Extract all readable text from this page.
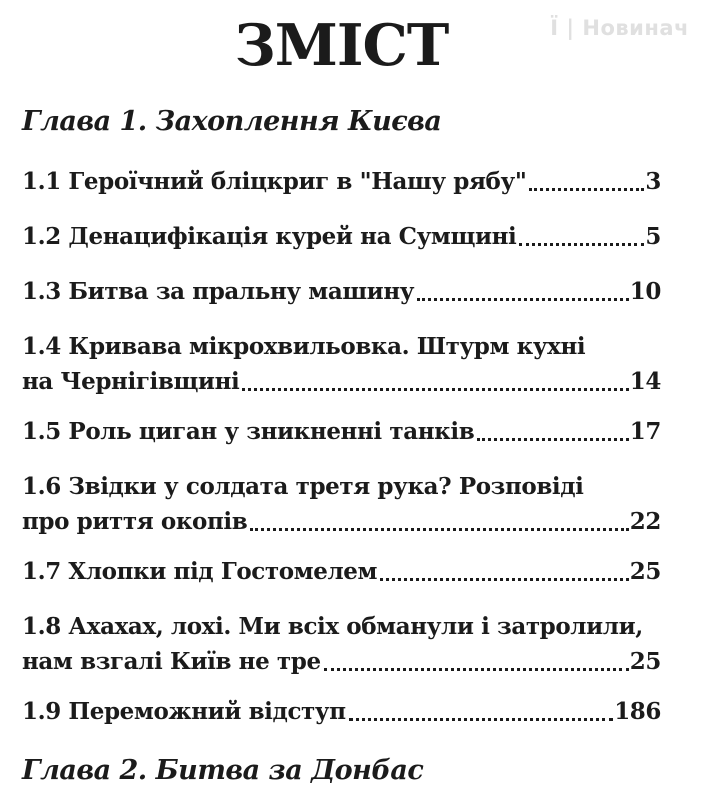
Ї | Новинач
ЗМІСТ
Глава 1. Захоплення Києва
1.1 Героїчний бліцкриг в "Нашу рябу"	3
1.2 Денацифікація курей на Сумщині	5
1.3 Битва за пральну машину	10
1.4 Кривава мікрохвильовка. Штурм кухні
на Чернігівщині	14
1.5 Роль циган у зникненні танків	17
1.6 Звідки у солдата третя рука? Розповіді
про риття окопів	22
1.7 Хлопки під Гостомелем	25
1.8 Ахахах, лохі. Ми всіх обманули і затролили,
нам взгалі Київ не тре	25
1.9 Переможний відступ	186
Глава 2. Битва за Донбас
